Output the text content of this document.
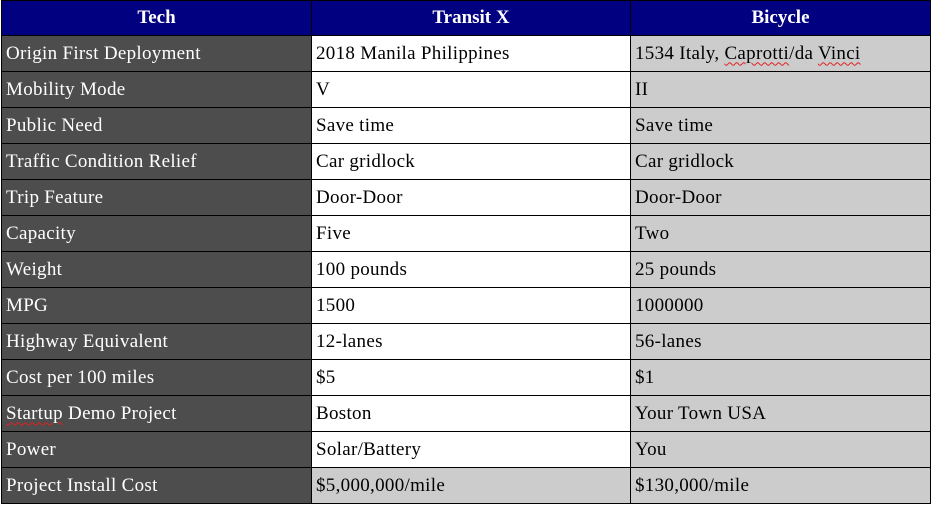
Tech	Transit X	Bicycle
Origin First Deployment	2018 Manila Philippines	1534 Italy, Caprotti/da Vinci
Mobility Mode	V	II
Public Need	Save time	Save time
Traffic Condition Relief	Car gridlock	Car gridlock
Trip Feature	Door-Door	Door-Door
Capacity	Five	Two
Weight	100 pounds	25 pounds
MPG	1500	1000000
Highway Equivalent	12-lanes	56-lanes
Cost per 100 miles	$5	$1
Startup Demo Project	Boston	Your Town USA
Power	Solar/Battery	You
Project Install Cost	$5,000,000/mile	$130,000/mile
